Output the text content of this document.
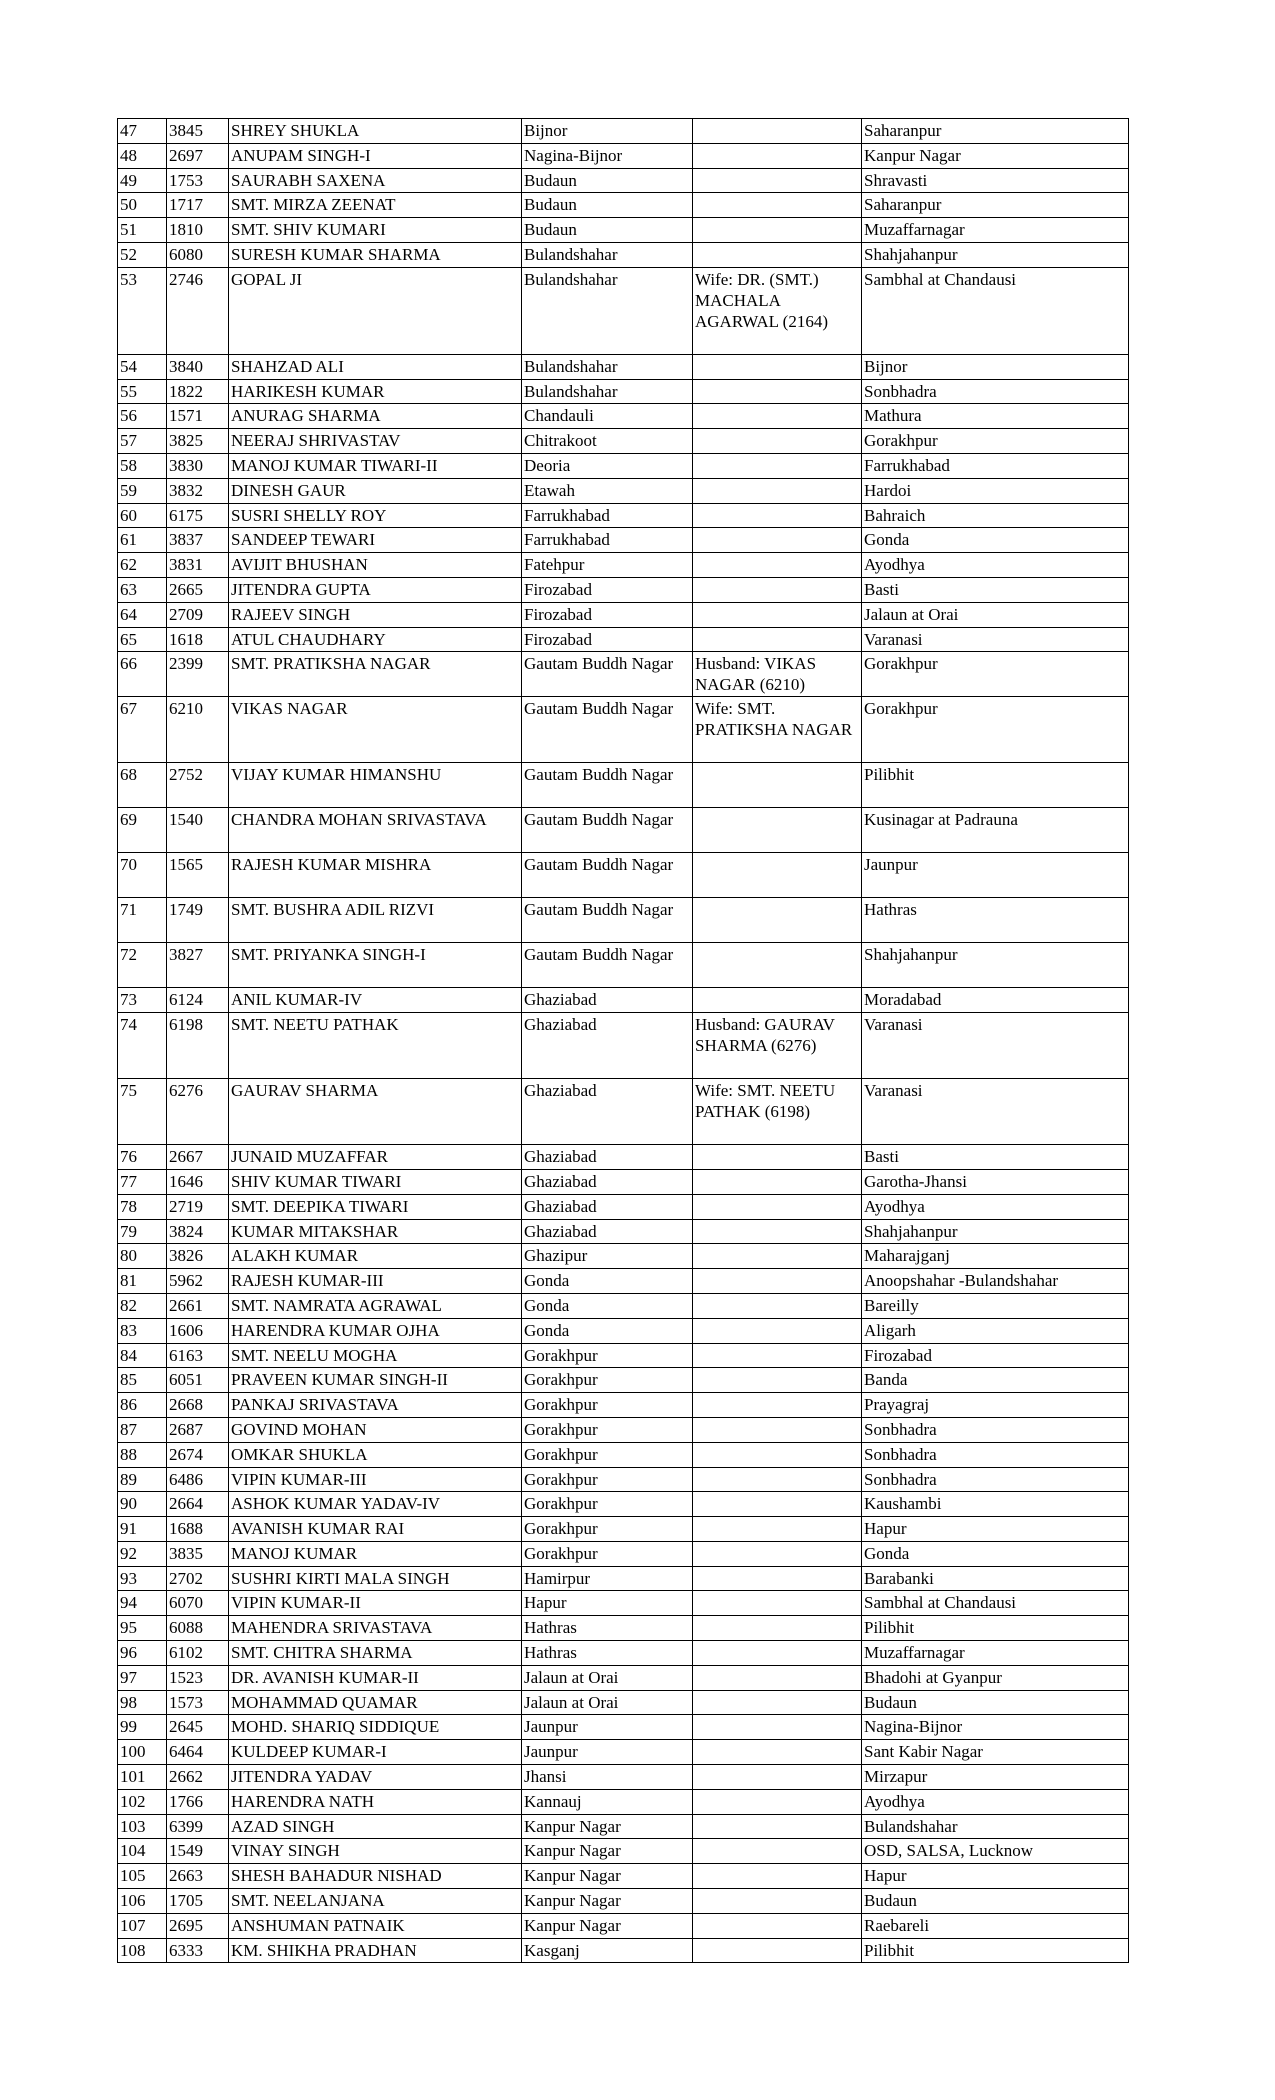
47	3845	SHREY SHUKLA	Bijnor		Saharanpur
48	2697	ANUPAM SINGH-I	Nagina-Bijnor		Kanpur Nagar
49	1753	SAURABH SAXENA	Budaun		Shravasti
50	1717	SMT. MIRZA ZEENAT	Budaun		Saharanpur
51	1810	SMT. SHIV KUMARI	Budaun		Muzaffarnagar
52	6080	SURESH KUMAR SHARMA	Bulandshahar		Shahjahanpur
53	2746	GOPAL JI	Bulandshahar	Wife: DR. (SMT.) MACHALA AGARWAL (2164)	Sambhal at Chandausi
54	3840	SHAHZAD ALI	Bulandshahar		Bijnor
55	1822	HARIKESH KUMAR	Bulandshahar		Sonbhadra
56	1571	ANURAG SHARMA	Chandauli		Mathura
57	3825	NEERAJ SHRIVASTAV	Chitrakoot		Gorakhpur
58	3830	MANOJ KUMAR TIWARI-II	Deoria		Farrukhabad
59	3832	DINESH GAUR	Etawah		Hardoi
60	6175	SUSRI SHELLY ROY	Farrukhabad		Bahraich
61	3837	SANDEEP TEWARI	Farrukhabad		Gonda
62	3831	AVIJIT BHUSHAN	Fatehpur		Ayodhya
63	2665	JITENDRA GUPTA	Firozabad		Basti
64	2709	RAJEEV SINGH	Firozabad		Jalaun at Orai
65	1618	ATUL CHAUDHARY	Firozabad		Varanasi
66	2399	SMT. PRATIKSHA NAGAR	Gautam Buddh Nagar	Husband: VIKAS NAGAR (6210)	Gorakhpur
67	6210	VIKAS NAGAR	Gautam Buddh Nagar	Wife: SMT. PRATIKSHA NAGAR	Gorakhpur
68	2752	VIJAY KUMAR HIMANSHU	Gautam Buddh Nagar		Pilibhit
69	1540	CHANDRA MOHAN SRIVASTAVA	Gautam Buddh Nagar		Kusinagar at Padrauna
70	1565	RAJESH KUMAR MISHRA	Gautam Buddh Nagar		Jaunpur
71	1749	SMT. BUSHRA ADIL RIZVI	Gautam Buddh Nagar		Hathras
72	3827	SMT. PRIYANKA SINGH-I	Gautam Buddh Nagar		Shahjahanpur
73	6124	ANIL KUMAR-IV	Ghaziabad		Moradabad
74	6198	SMT. NEETU PATHAK	Ghaziabad	Husband: GAURAV SHARMA (6276)	Varanasi
75	6276	GAURAV SHARMA	Ghaziabad	Wife: SMT. NEETU PATHAK (6198)	Varanasi
76	2667	JUNAID MUZAFFAR	Ghaziabad		Basti
77	1646	SHIV KUMAR TIWARI	Ghaziabad		Garotha-Jhansi
78	2719	SMT. DEEPIKA TIWARI	Ghaziabad		Ayodhya
79	3824	KUMAR MITAKSHAR	Ghaziabad		Shahjahanpur
80	3826	ALAKH KUMAR	Ghazipur		Maharajganj
81	5962	RAJESH KUMAR-III	Gonda		Anoopshahar -Bulandshahar
82	2661	SMT. NAMRATA AGRAWAL	Gonda		Bareilly
83	1606	HARENDRA KUMAR OJHA	Gonda		Aligarh
84	6163	SMT. NEELU MOGHA	Gorakhpur		Firozabad
85	6051	PRAVEEN KUMAR SINGH-II	Gorakhpur		Banda
86	2668	PANKAJ SRIVASTAVA	Gorakhpur		Prayagraj
87	2687	GOVIND MOHAN	Gorakhpur		Sonbhadra
88	2674	OMKAR SHUKLA	Gorakhpur		Sonbhadra
89	6486	VIPIN KUMAR-III	Gorakhpur		Sonbhadra
90	2664	ASHOK KUMAR YADAV-IV	Gorakhpur		Kaushambi
91	1688	AVANISH KUMAR RAI	Gorakhpur		Hapur
92	3835	MANOJ KUMAR	Gorakhpur		Gonda
93	2702	SUSHRI KIRTI MALA SINGH	Hamirpur		Barabanki
94	6070	VIPIN KUMAR-II	Hapur		Sambhal at Chandausi
95	6088	MAHENDRA SRIVASTAVA	Hathras		Pilibhit
96	6102	SMT. CHITRA SHARMA	Hathras		Muzaffarnagar
97	1523	DR. AVANISH KUMAR-II	Jalaun at Orai		Bhadohi at Gyanpur
98	1573	MOHAMMAD QUAMAR	Jalaun at Orai		Budaun
99	2645	MOHD. SHARIQ SIDDIQUE	Jaunpur		Nagina-Bijnor
100	6464	KULDEEP KUMAR-I	Jaunpur		Sant Kabir Nagar
101	2662	JITENDRA YADAV	Jhansi		Mirzapur
102	1766	HARENDRA NATH	Kannauj		Ayodhya
103	6399	AZAD SINGH	Kanpur Nagar		Bulandshahar
104	1549	VINAY SINGH	Kanpur Nagar		OSD, SALSA, Lucknow
105	2663	SHESH BAHADUR NISHAD	Kanpur Nagar		Hapur
106	1705	SMT. NEELANJANA	Kanpur Nagar		Budaun
107	2695	ANSHUMAN PATNAIK	Kanpur Nagar		Raebareli
108	6333	KM. SHIKHA PRADHAN	Kasganj		Pilibhit
